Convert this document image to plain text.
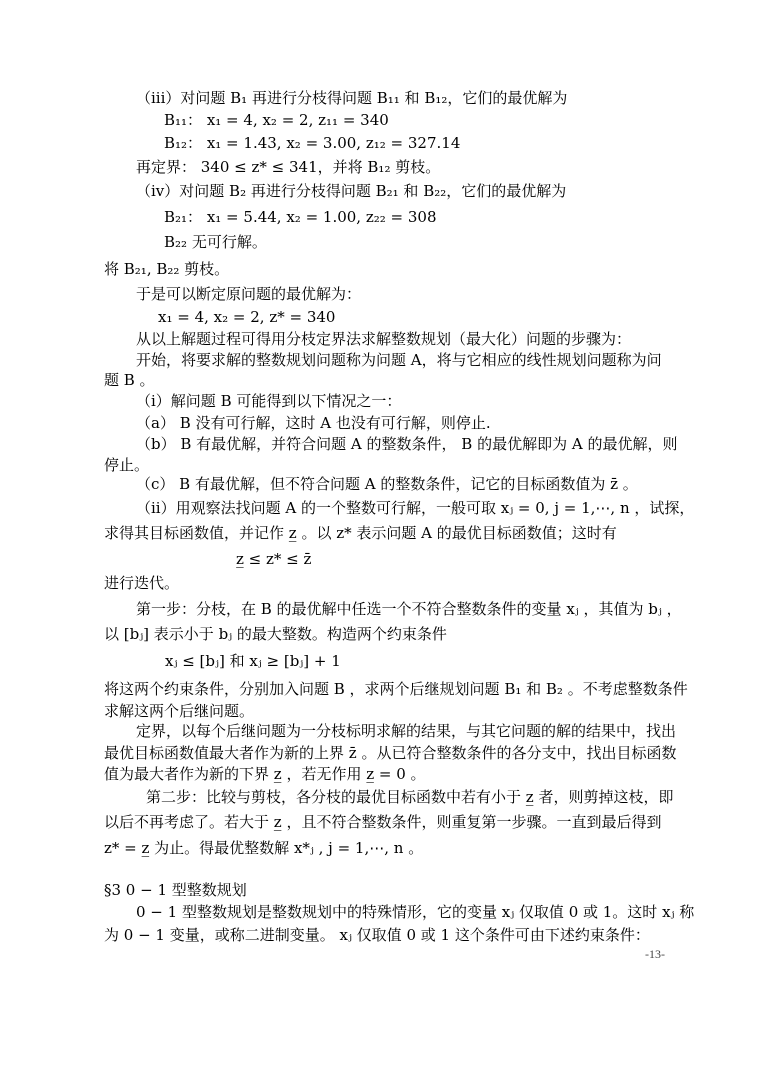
（iii）对问题 B₁ 再进行分枝得问题 B₁₁ 和 B₁₂，它们的最优解为
B₁₁： x₁ = 4, x₂ = 2, z₁₁ = 340
B₁₂： x₁ = 1.43, x₂ = 3.00, z₁₂ = 327.14
再定界： 340 ≤ z* ≤ 341，并将 B₁₂ 剪枝。
（iv）对问题 B₂ 再进行分枝得问题 B₂₁ 和 B₂₂，它们的最优解为
B₂₁： x₁ = 5.44, x₂ = 1.00, z₂₂ = 308
B₂₂ 无可行解。
将 B₂₁, B₂₂ 剪枝。
于是可以断定原问题的最优解为：
x₁ = 4, x₂ = 2, z* = 340
从以上解题过程可得用分枝定界法求解整数规划（最大化）问题的步骤为：
开始，将要求解的整数规划问题称为问题 A，将与它相应的线性规划问题称为问
题 B 。
（i）解问题 B 可能得到以下情况之一：
（a） B 没有可行解，这时 A 也没有可行解，则停止.
（b） B 有最优解，并符合问题 A 的整数条件， B 的最优解即为 A 的最优解，则
停止。
（c） B 有最优解，但不符合问题 A 的整数条件，记它的目标函数值为 z̄ 。
（ii）用观察法找问题 A 的一个整数可行解，一般可取 xⱼ = 0, j = 1,⋯, n ，试探，
求得其目标函数值，并记作 z̲ 。以 z* 表示问题 A 的最优目标函数值；这时有
z̲ ≤ z* ≤ z̄
进行迭代。
第一步：分枝，在 B 的最优解中任选一个不符合整数条件的变量 xⱼ ，其值为 bⱼ ，
以 [bⱼ] 表示小于 bⱼ 的最大整数。构造两个约束条件
xⱼ ≤ [bⱼ] 和 xⱼ ≥ [bⱼ] + 1
将这两个约束条件，分别加入问题 B ，求两个后继规划问题 B₁ 和 B₂ 。不考虑整数条件
求解这两个后继问题。
定界，以每个后继问题为一分枝标明求解的结果，与其它问题的解的结果中，找出
最优目标函数值最大者作为新的上界 z̄ 。从已符合整数条件的各分支中，找出目标函数
值为最大者作为新的下界 z̲ ，若无作用 z̲ = 0 。
第二步：比较与剪枝，各分枝的最优目标函数中若有小于 z̲ 者，则剪掉这枝，即
以后不再考虑了。若大于 z̲ ，且不符合整数条件，则重复第一步骤。一直到最后得到
z* = z̲ 为止。得最优整数解 x*ⱼ , j = 1,⋯, n 。
§3 0 − 1 型整数规划
0 − 1 型整数规划是整数规划中的特殊情形，它的变量 xⱼ 仅取值 0 或 1。这时 xⱼ 称
为 0 − 1 变量，或称二进制变量。 xⱼ 仅取值 0 或 1 这个条件可由下述约束条件：
-13-
